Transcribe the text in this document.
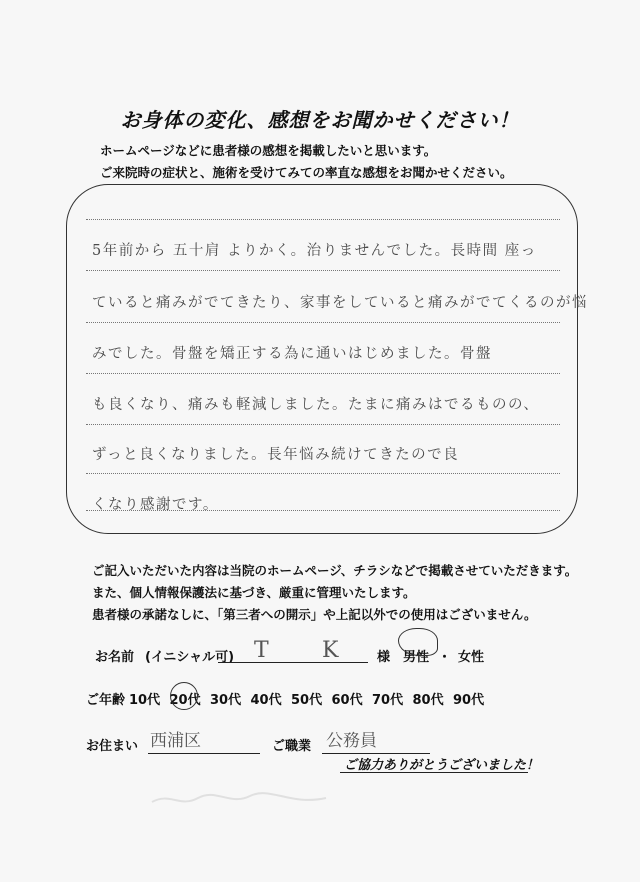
お身体の変化、感想をお聞かせください！
ホームページなどに患者様の感想を掲載したいと思います。
ご来院時の症状と、施術を受けてみての率直な感想をお聞かせください。
5年前から 五十肩 よりかく。治りませんでした。長時間 座っ
ていると痛みがでてきたり、家事をしていると痛みがでてくるのが悩
みでした。骨盤を矯正する為に通いはじめました。骨盤
も良くなり、痛みも軽減しました。たまに痛みはでるものの、
ずっと良くなりました。長年悩み続けてきたので良
くなり感謝です。
ご記入いただいた内容は当院のホームページ、チラシなどで掲載させていただきます。
また、個人情報保護法に基づき、厳重に管理いたします。
患者様の承諾なしに、「第三者への開示」や上記以外での使用はございません。
お名前 (イニシャル可) T K	様 男性 ・ 女性
ご年齢 10代 20代 30代 40代 50代 60代 70代 80代 90代
お住まい 西浦区	ご職業 公務員
ご協力ありがとうございました！
